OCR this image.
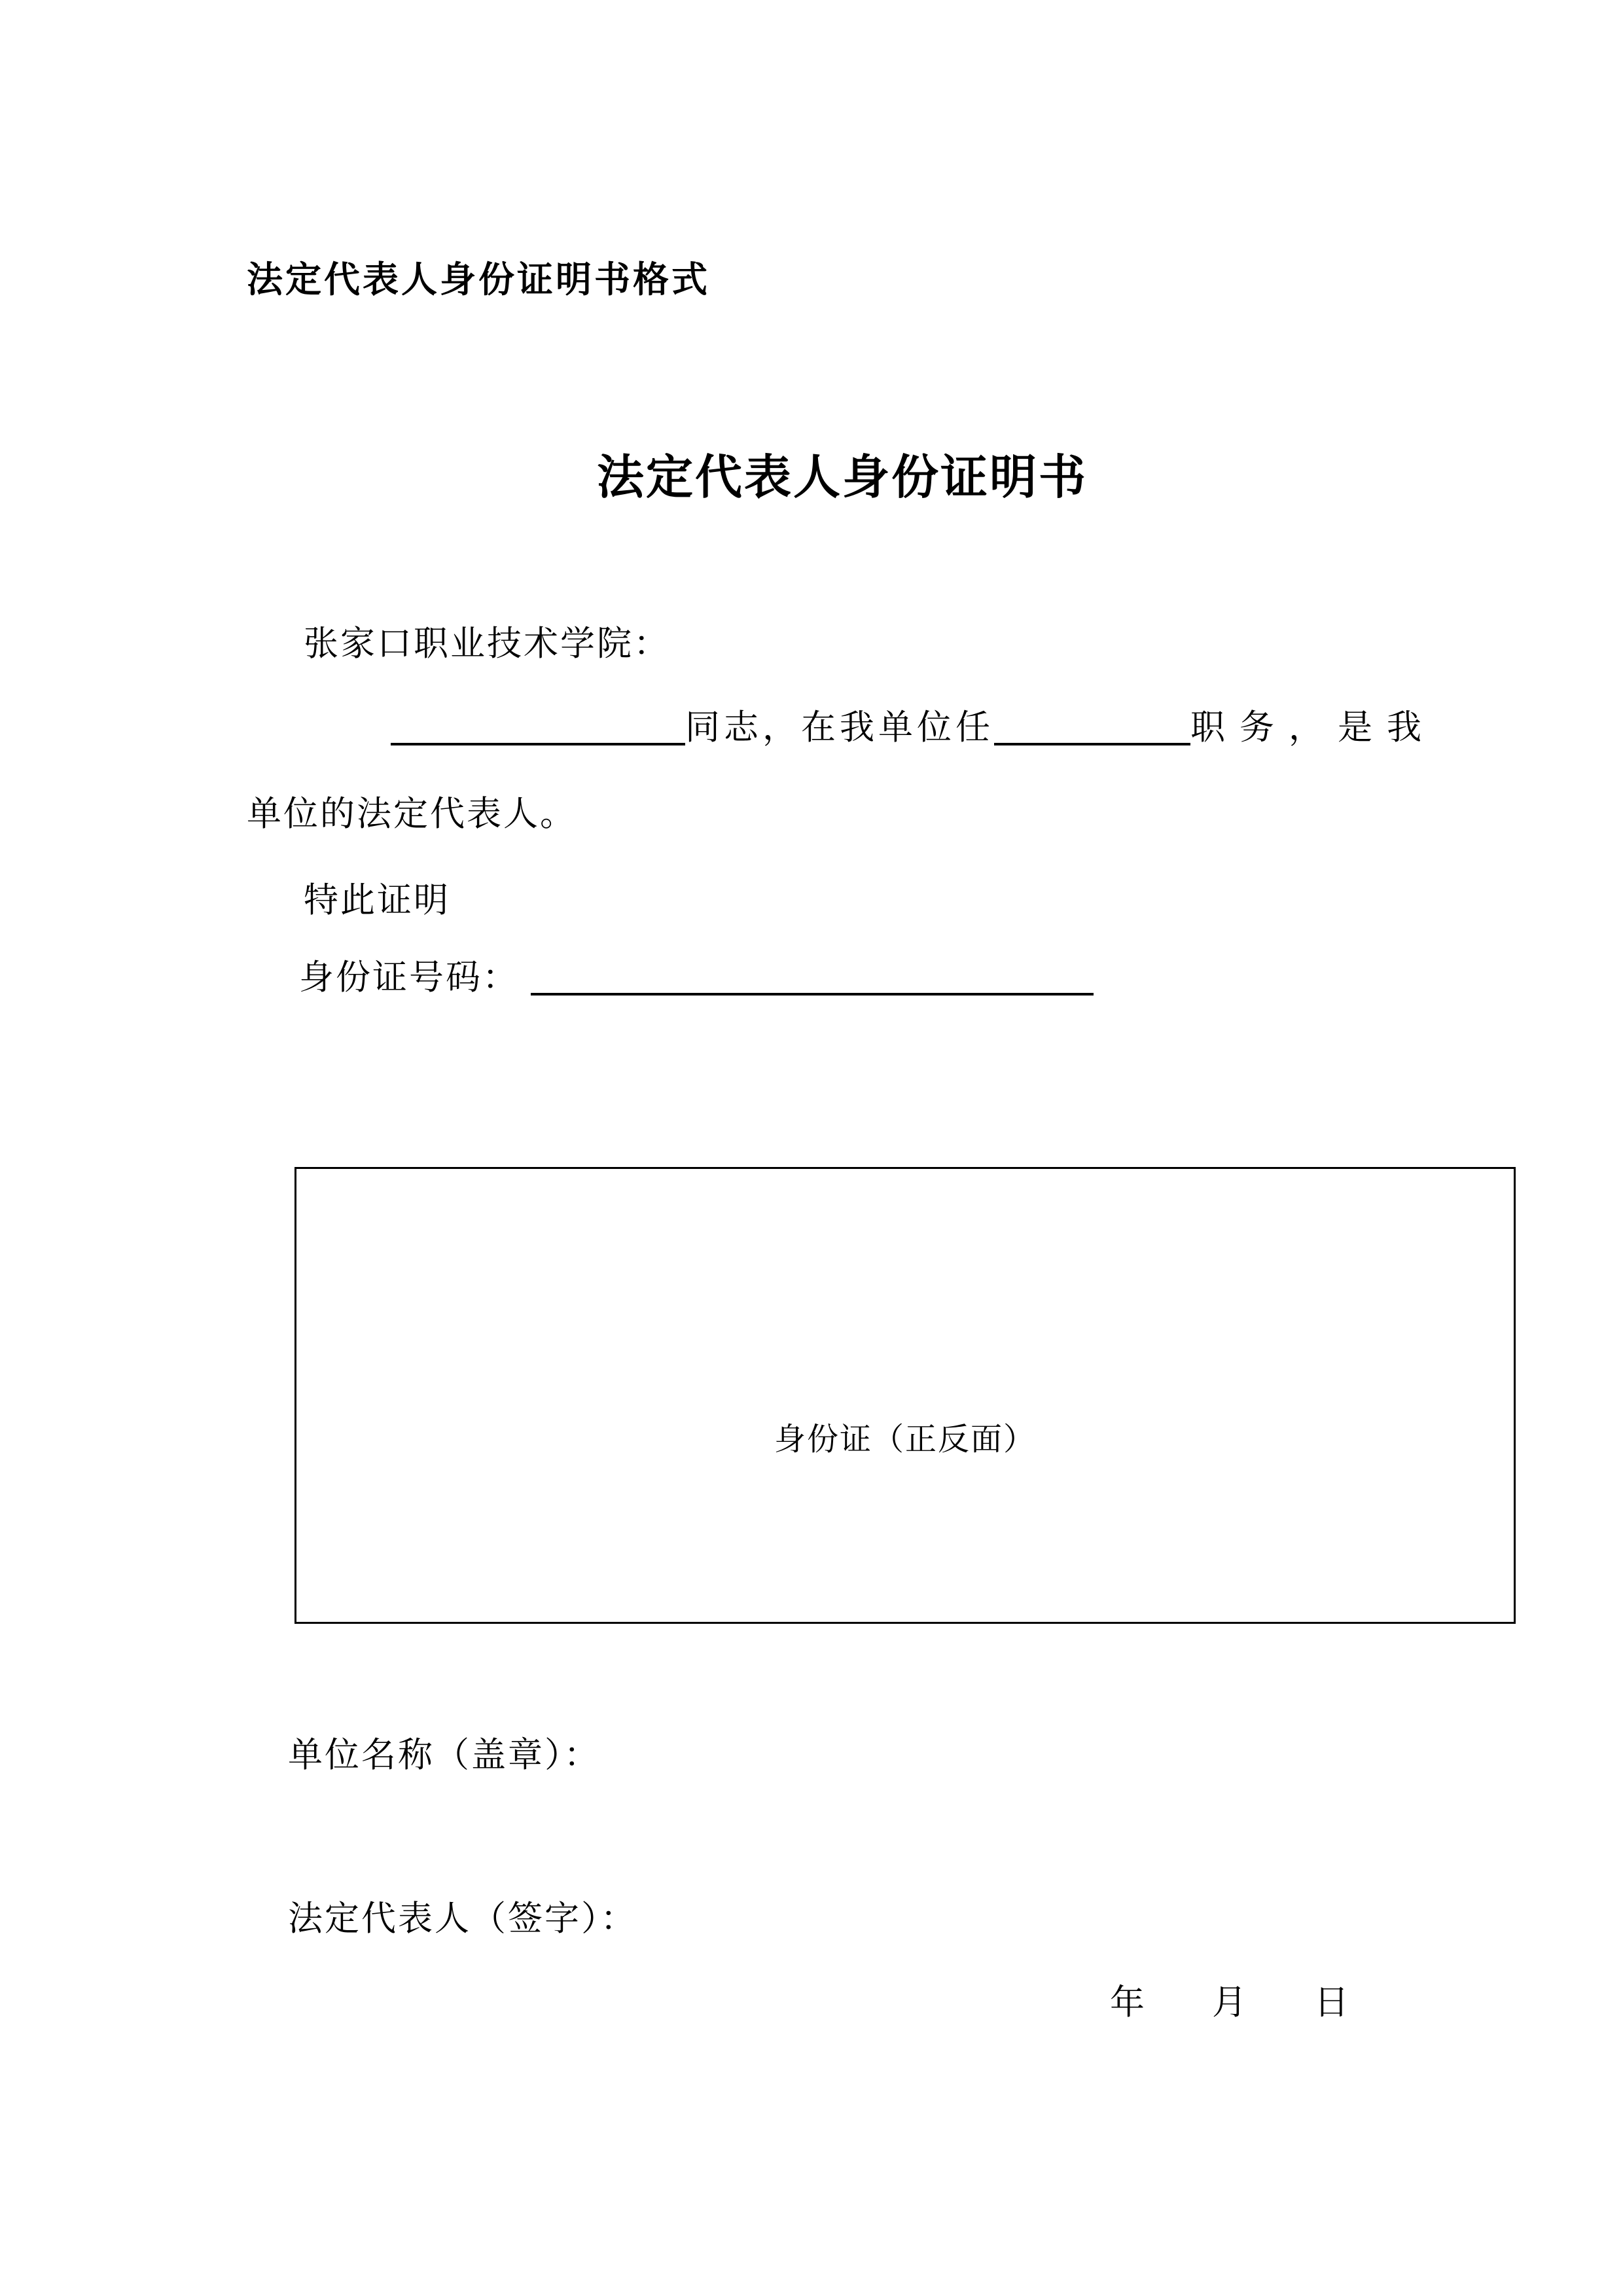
法定代表人身份证明书格式
法定代表人身份证明书
张家口职业技术学院：
同志，在我单位任	职务，是我
单位的法定代表人。
特此证明
身份证号码：
身份证（正反面）
单位名称（盖章）：
法定代表人（签字）：
年 月 日
